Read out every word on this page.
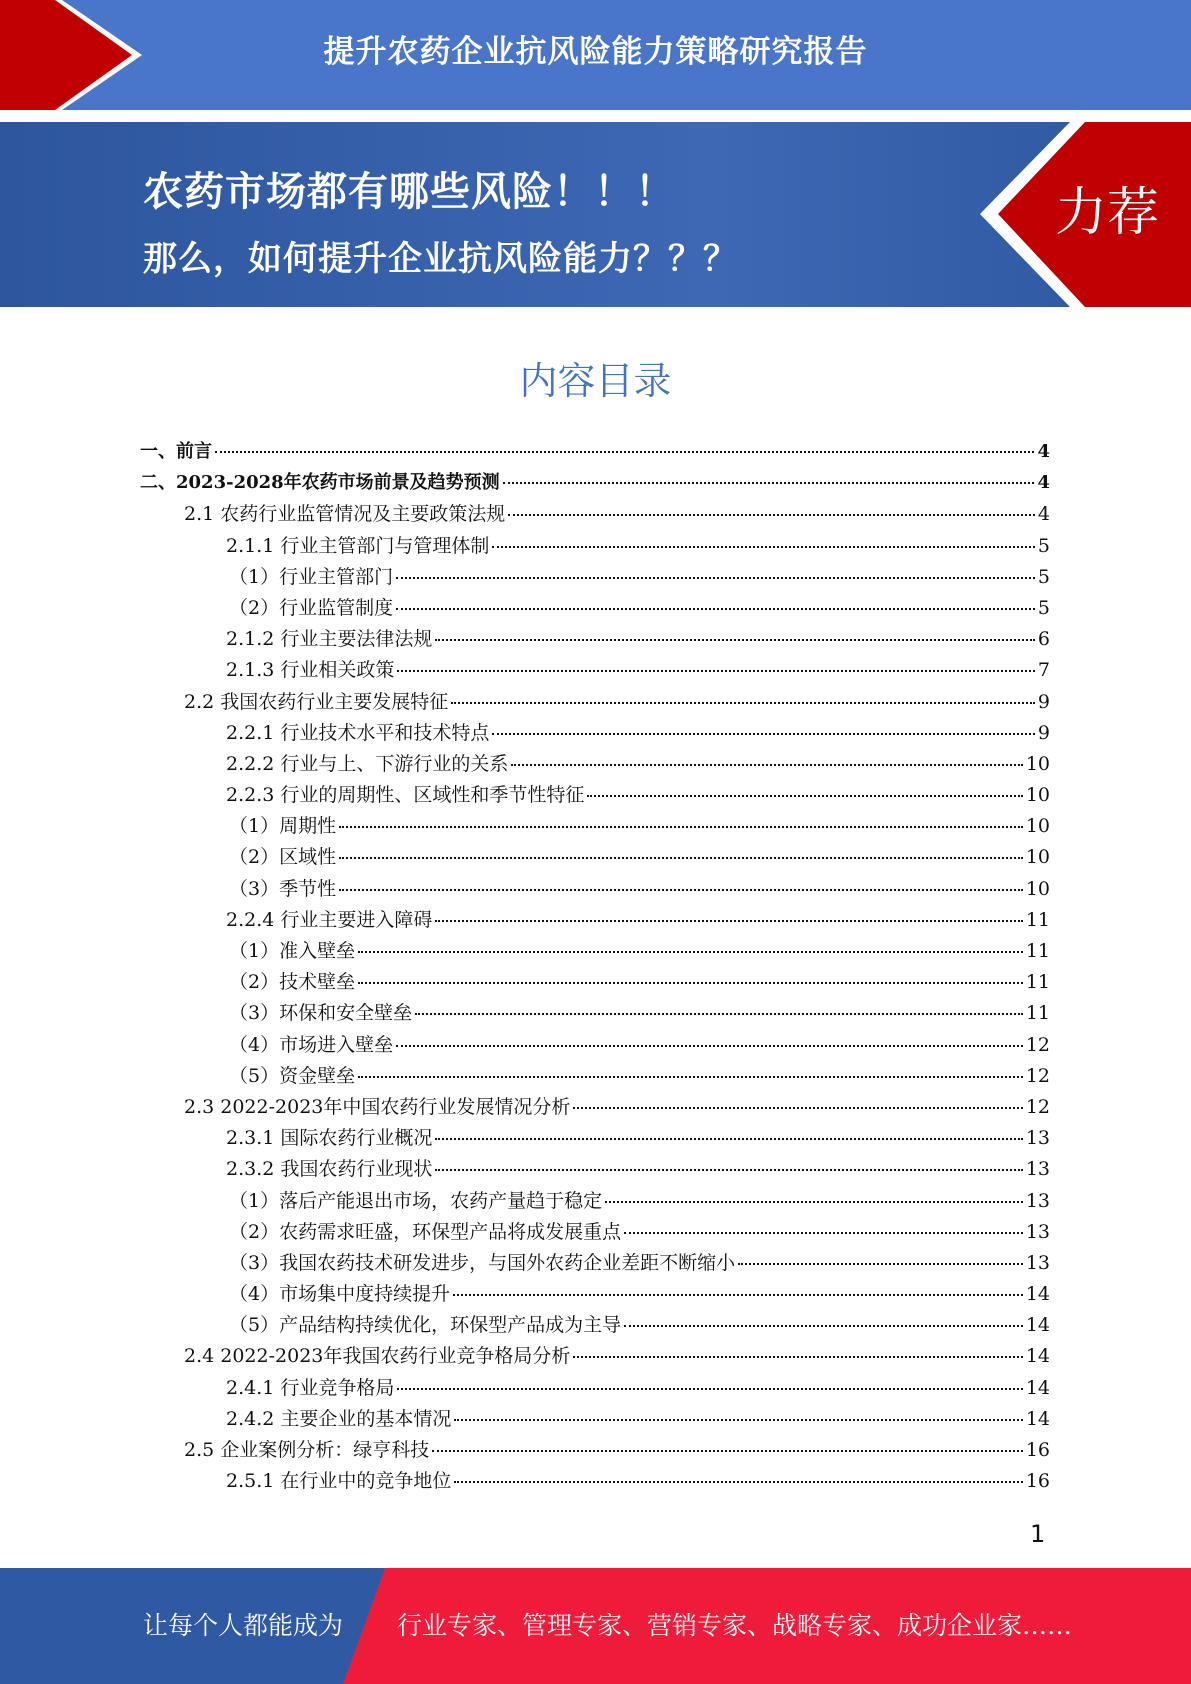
提升农药企业抗风险能力策略研究报告
农药市场都有哪些风险！！！
那么，如何提升企业抗风险能力？？？
力荐
内容目录
一、前言	4
二、2023-2028年农药市场前景及趋势预测	4
2.1 农药行业监管情况及主要政策法规	4
2.1.1 行业主管部门与管理体制	5
（1）行业主管部门	5
（2）行业监管制度	5
2.1.2 行业主要法律法规	6
2.1.3 行业相关政策	7
2.2 我国农药行业主要发展特征	9
2.2.1 行业技术水平和技术特点	9
2.2.2 行业与上、下游行业的关系	10
2.2.3 行业的周期性、区域性和季节性特征	10
（1）周期性	10
（2）区域性	10
（3）季节性	10
2.2.4 行业主要进入障碍	11
（1）准入壁垒	11
（2）技术壁垒	11
（3）环保和安全壁垒	11
（4）市场进入壁垒	12
（5）资金壁垒	12
2.3 2022-2023年中国农药行业发展情况分析	12
2.3.1 国际农药行业概况	13
2.3.2 我国农药行业现状	13
（1）落后产能退出市场，农药产量趋于稳定	13
（2）农药需求旺盛，环保型产品将成发展重点	13
（3）我国农药技术研发进步，与国外农药企业差距不断缩小	13
（4）市场集中度持续提升	14
（5）产品结构持续优化，环保型产品成为主导	14
2.4 2022-2023年我国农药行业竞争格局分析	14
2.4.1 行业竞争格局	14
2.4.2 主要企业的基本情况	14
2.5 企业案例分析：绿亨科技	16
2.5.1 在行业中的竞争地位	16
1
让每个人都能成为 行业专家、管理专家、营销专家、战略专家、成功企业家……
